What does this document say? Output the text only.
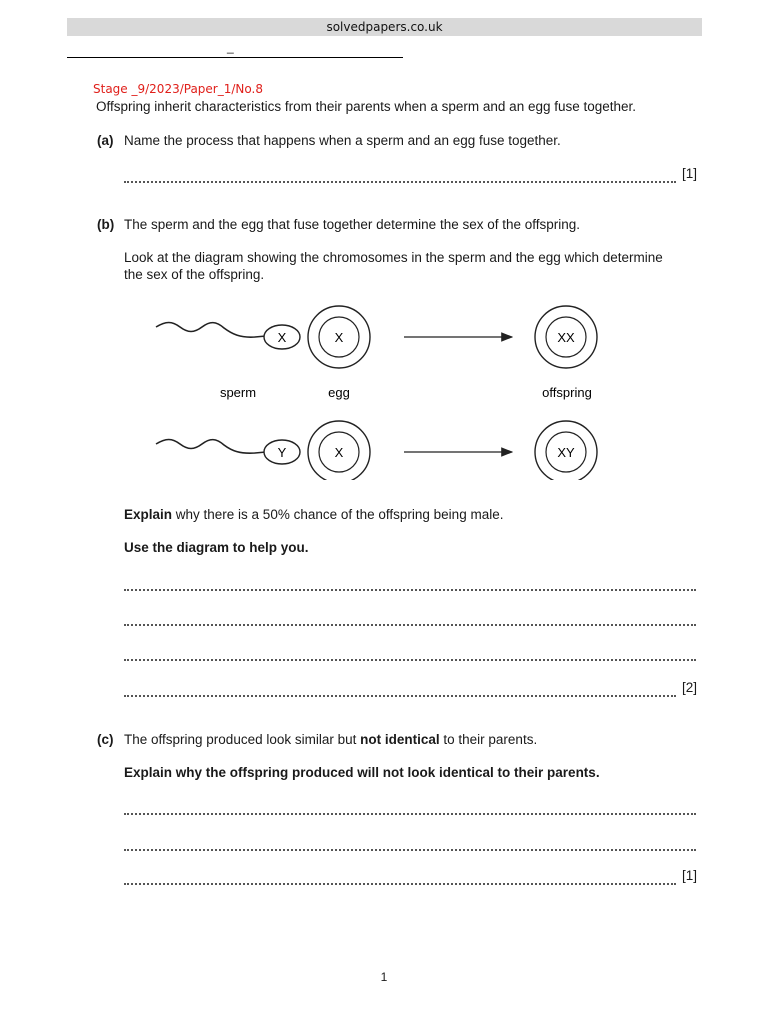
solvedpapers.co.uk
_
Stage _9/2023/Paper_1/No.8
Offspring inherit characteristics from their parents when a sperm and an egg fuse together.
(a) Name the process that happens when a sperm and an egg fuse together.
[1]
(b) The sperm and the egg that fuse together determine the sex of the offspring.
Look at the diagram showing the chromosomes in the sperm and the egg which determine
the sex of the offspring.
X	X	XX
sperm	egg	offspring
Y	X	XY
Explain why there is a 50% chance of the offspring being male.
Use the diagram to help you.
[2]
(c) The offspring produced look similar but not identical to their parents.
Explain why the offspring produced will not look identical to their parents.
[1]
1
